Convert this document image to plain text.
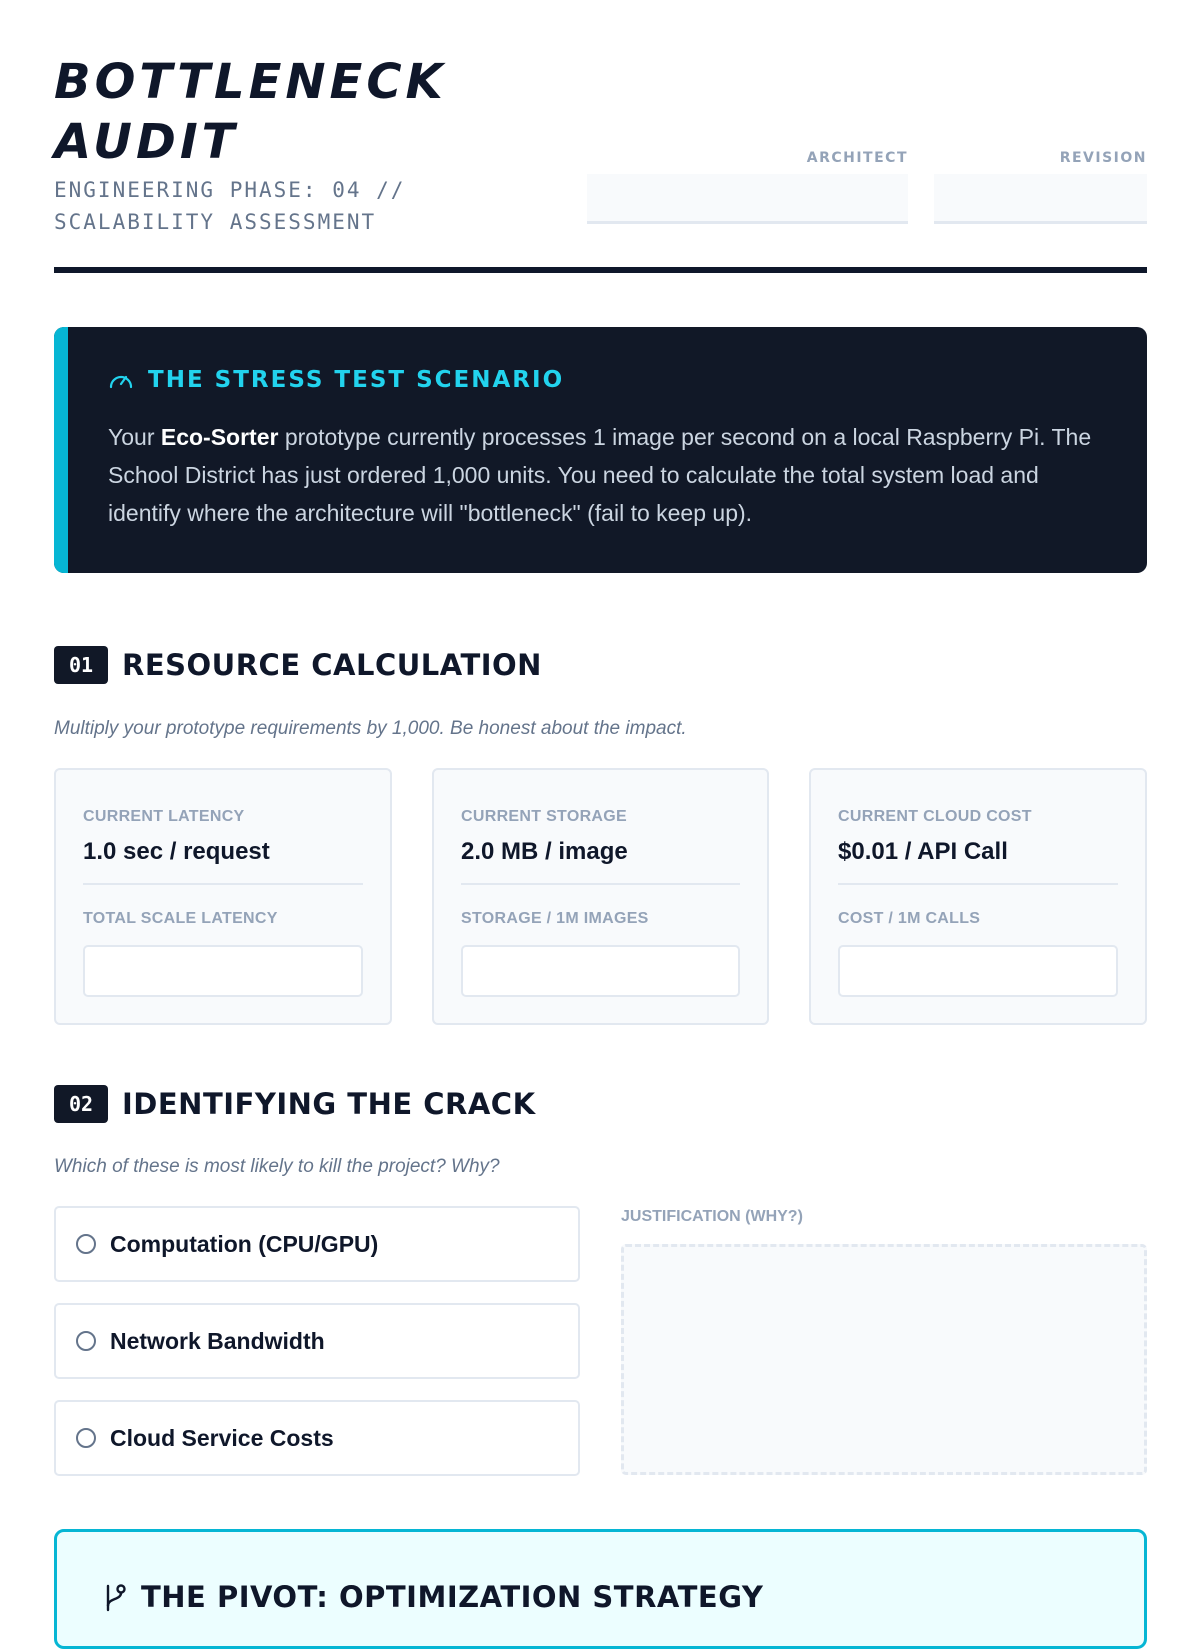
BOTTLENECK AUDIT

ENGINEERING PHASE: 04 // SCALABILITY ASSESSMENT

ARCHITECT	REVISION
THE STRESS TEST SCENARIO
Your Eco-Sorter prototype currently processes 1 image per second on a local Raspberry Pi. The School District has just ordered 1,000 units. You need to calculate the total system load and identify where the architecture will "bottleneck" (fail to keep up).
01 RESOURCE CALCULATION
Multiply your prototype requirements by 1,000. Be honest about the impact.
CURRENT LATENCY
1.0 sec / request
TOTAL SCALE LATENCY
CURRENT STORAGE
2.0 MB / image
STORAGE / 1M IMAGES
CURRENT CLOUD COST
$0.01 / API Call
COST / 1M CALLS
02 IDENTIFYING THE CRACK
Which of these is most likely to kill the project? Why?
Computation (CPU/GPU)
Network Bandwidth
Cloud Service Costs
JUSTIFICATION (WHY?)
THE PIVOT: OPTIMIZATION STRATEGY
